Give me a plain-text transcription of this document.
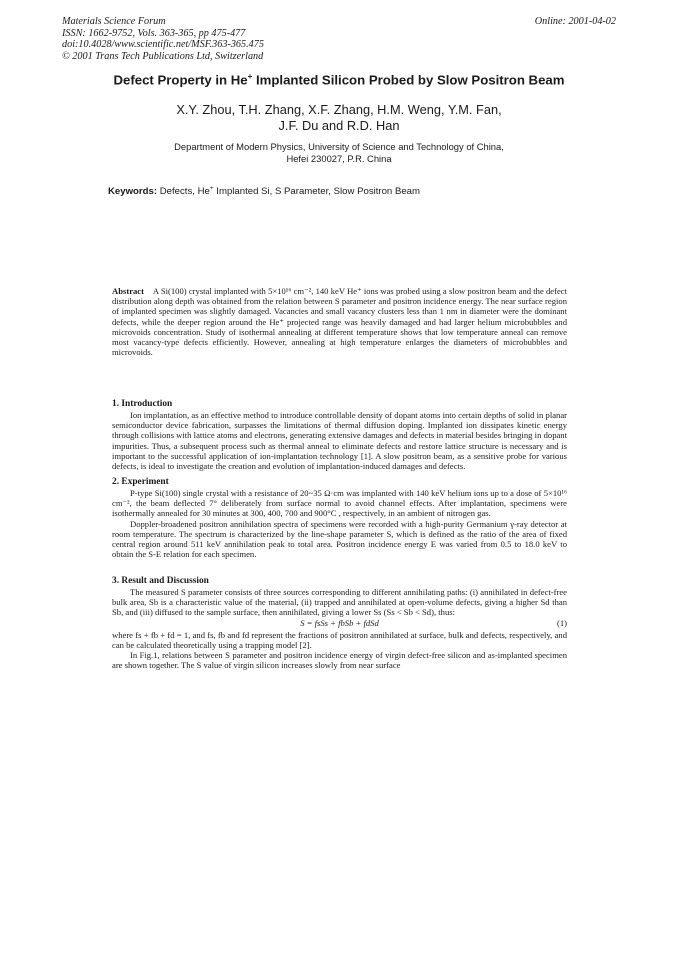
Materials Science Forum
ISSN: 1662-9752, Vols. 363-365, pp 475-477
doi:10.4028/www.scientific.net/MSF.363-365.475
© 2001 Trans Tech Publications Ltd, Switzerland
Online: 2001-04-02
Defect Property in He+ Implanted Silicon Probed by Slow Positron Beam
X.Y. Zhou, T.H. Zhang, X.F. Zhang, H.M. Weng, Y.M. Fan,
J.F. Du and R.D. Han
Department of Modern Physics, University of Science and Technology of China,
Hefei 230027, P.R. China
Keywords: Defects, He+ Implanted Si, S Parameter, Slow Positron Beam

Abstract A Si(100) crystal implanted with 5×10¹⁶ cm⁻², 140 keV He⁺ ions was probed using a slow positron beam and the defect distribution along depth was obtained from the relation between S parameter and positron incidence energy. The near surface region of implanted specimen was slightly damaged. Vacancies and small vacancy clusters less than 1 nm in diameter were the dominant defects, while the deeper region around the He⁺ projected range was heavily damaged and had larger helium microbubbles and microvoids concentration. Study of isothermal annealing at different temperature shows that low temperature anneal can remove most vacancy-type defects efficiently. However, annealing at high temperature enlarges the diameters of microbubbles and microvoids.

1. Introduction

Ion implantation, as an effective method to introduce controllable density of dopant atoms into certain depths of solid in planar semiconductor device fabrication, surpasses the limitations of thermal diffusion doping. Implanted ion dissipates kinetic energy through collisions with lattice atoms and electrons, generating extensive damages and defects in material besides bringing in dopant impurities. Thus, a subsequent process such as thermal anneal to eliminate defects and restore lattice structure is necessary and is important to the successful application of ion-implantation technology [1]. A slow positron beam, as a sensitive probe for various defects, is ideal to investigate the creation and evolution of implantation-induced damages and defects.

2. Experiment

P-type Si(100) single crystal with a resistance of 20~35 Ω·cm was implanted with 140 keV helium ions up to a dose of 5×10¹⁶ cm⁻², the beam deflected 7° deliberately from surface normal to avoid channel effects. After implantation, specimens were isothermally annealed for 30 minutes at 300, 400, 700 and 900°C , respectively, in an ambient of nitrogen gas.

Doppler-broadened positron annihilation spectra of specimens were recorded with a high-purity Germanium γ-ray detector at room temperature. The spectrum is characterized by the line-shape parameter S, which is defined as the ratio of the area of fixed central region around 511 keV annihilation peak to total area. Positron incidence energy E was varied from 0.5 to 18.0 keV to obtain the S-E relation for each specimen.

3. Result and Discussion

The measured S parameter consists of three sources corresponding to different annihilating paths: (i) annihilated in defect-free bulk area, Sb is a characteristic value of the material, (ii) trapped and annihilated at open-volume defects, giving a higher Sd than Sb, and (iii) diffused to the sample surface, then annihilated, giving a lower Ss (Ss < Sb < Sd), thus:

S = fsSs + fbSb + fdSd	(1)

where fs + fb + fd = 1, and fs, fb and fd represent the fractions of positron annihilated at surface, bulk and defects, respectively, and can be calculated theoretically using a trapping model [2].

In Fig.1, relations between S parameter and positron incidence energy of virgin defect-free silicon and as-implanted specimen are shown together. The S value of virgin silicon increases slowly from near surface
